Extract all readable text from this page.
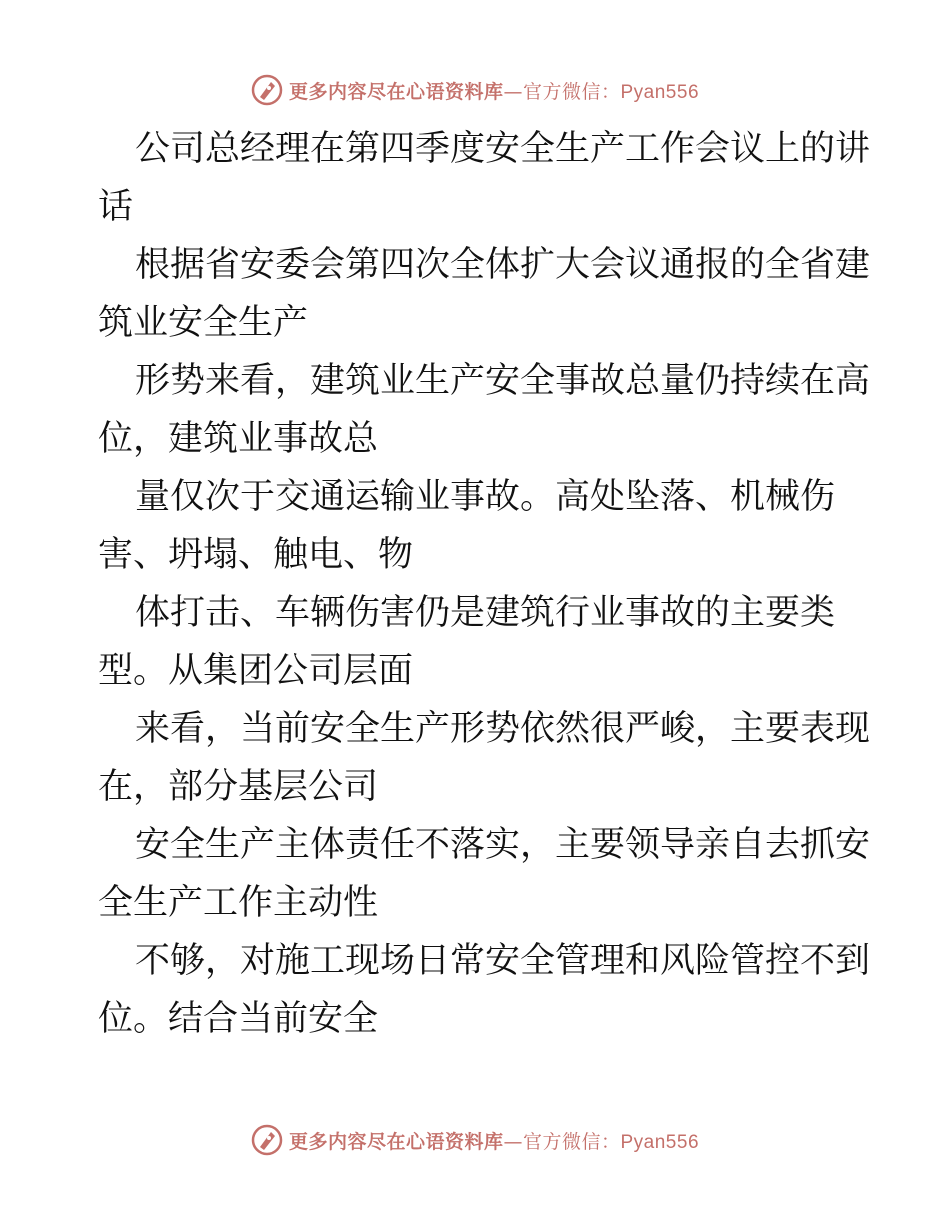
更多内容尽在心语资料库—官方微信：Pyan556
公司总经理在第四季度安全生产工作会议上的讲
话
根据省安委会第四次全体扩大会议通报的全省建
筑业安全生产
形势来看，建筑业生产安全事故总量仍持续在高
位，建筑业事故总
量仅次于交通运输业事故。高处坠落、机械伤
害、坍塌、触电、物
体打击、车辆伤害仍是建筑行业事故的主要类
型。从集团公司层面
来看，当前安全生产形势依然很严峻，主要表现
在，部分基层公司
安全生产主体责任不落实，主要领导亲自去抓安
全生产工作主动性
不够，对施工现场日常安全管理和风险管控不到
位。结合当前安全
更多内容尽在心语资料库—官方微信：Pyan556
